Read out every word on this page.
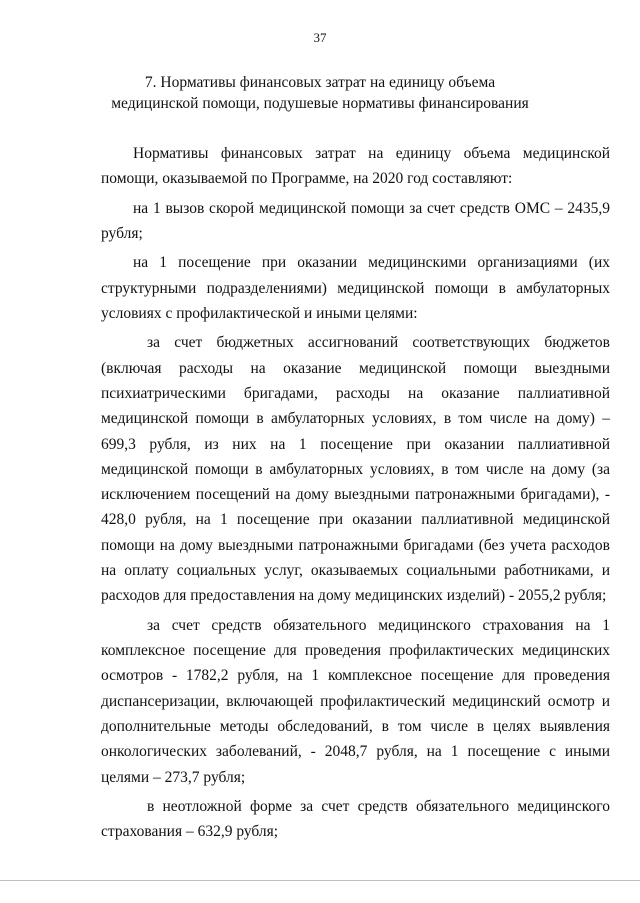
37
7. Нормативы финансовых затрат на единицу объема
медицинской помощи, подушевые нормативы финансирования

Нормативы финансовых затрат на единицу объема медицинской помощи, оказываемой по Программе, на 2020 год составляют:

на 1 вызов скорой медицинской помощи за счет средств ОМС – 2435,9 рубля;

на 1 посещение при оказании медицинскими организациями (их структурными подразделениями) медицинской помощи в амбулаторных условиях с профилактической и иными целями:

за счет бюджетных ассигнований соответствующих бюджетов (включая расходы на оказание медицинской помощи выездными психиатрическими бригадами, расходы на оказание паллиативной медицинской помощи в амбулаторных условиях, в том числе на дому) – 699,3 рубля, из них на 1 посещение при оказании паллиативной медицинской помощи в амбулаторных условиях, в том числе на дому (за исключением посещений на дому выездными патронажными бригадами), - 428,0 рубля, на 1 посещение при оказании паллиативной медицинской помощи на дому выездными патронажными бригадами (без учета расходов на оплату социальных услуг, оказываемых социальными работниками, и расходов для предоставления на дому медицинских изделий) - 2055,2 рубля;

за счет средств обязательного медицинского страхования на 1 комплексное посещение для проведения профилактических медицинских осмотров - 1782,2 рубля, на 1 комплексное посещение для проведения диспансеризации, включающей профилактический медицинский осмотр и дополнительные методы обследований, в том числе в целях выявления онкологических заболеваний, - 2048,7 рубля, на 1 посещение с иными целями – 273,7 рубля;

в неотложной форме за счет средств обязательного медицинского страхования – 632,9 рубля;
